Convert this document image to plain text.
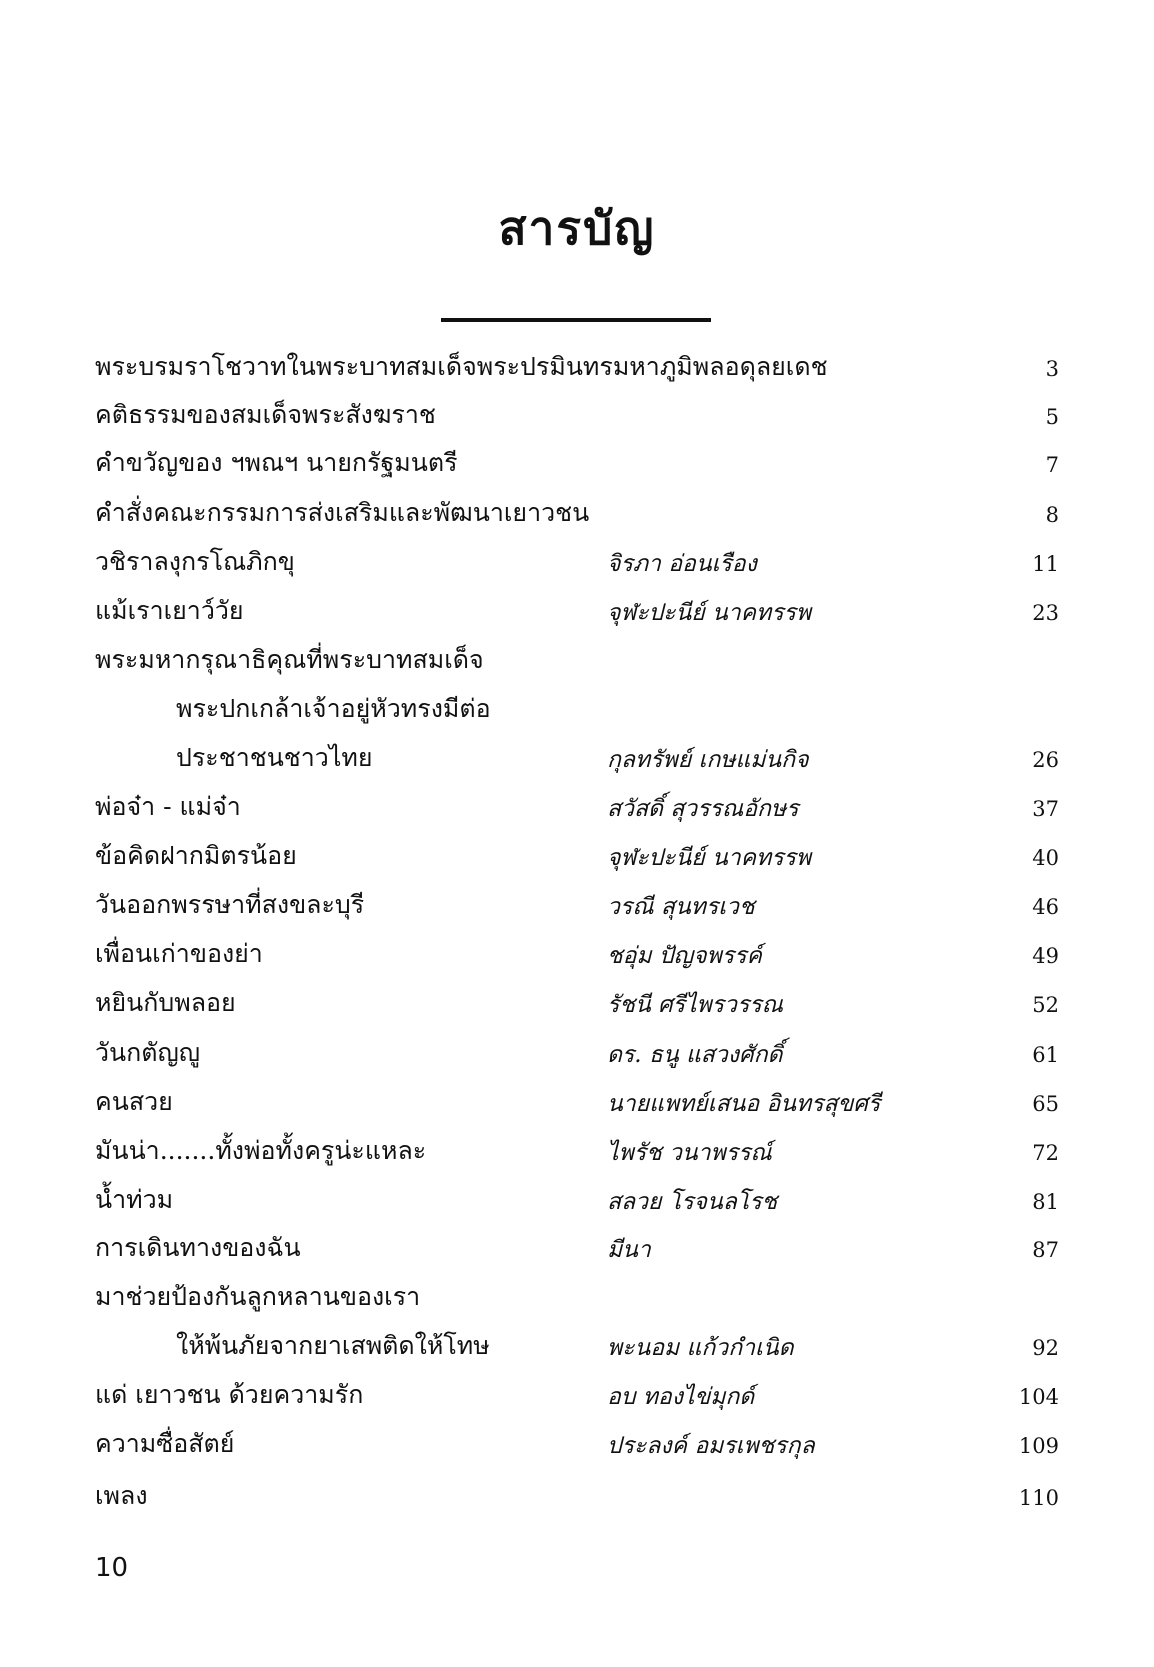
สารบัญ
พระบรมราโชวาทในพระบาทสมเด็จพระปรมินทรมหาภูมิพลอดุลยเดช	3
คติธรรมของสมเด็จพระสังฆราช	5
คำขวัญของ ฯพณฯ นายกรัฐมนตรี	7
คำสั่งคณะกรรมการส่งเสริมและพัฒนาเยาวชน	8
วชิราลงุกรโณภิกขุ	จิรภา อ่อนเรือง	11
แม้เราเยาว์วัย	จุฬะปะนีย์ นาคทรรพ	23
พระมหากรุณาธิคุณที่พระบาทสมเด็จ
พระปกเกล้าเจ้าอยู่หัวทรงมีต่อ
ประชาชนชาวไทย	กุลทรัพย์ เกษแม่นกิจ	26
พ่อจ๋า - แม่จ๋า	สวัสดิ์ สุวรรณอักษร	37
ข้อคิดฝากมิตรน้อย	จุฬะปะนีย์ นาคทรรพ	40
วันออกพรรษาที่สงขละบุรี	วรณี สุนทรเวช	46
เพื่อนเก่าของย่า	ชอุ่ม ปัญจพรรค์	49
หยินกับพลอย	รัชนี ศรีไพรวรรณ	52
วันกตัญญู	ดร. ธนู แสวงศักดิ์	61
คนสวย	นายแพทย์เสนอ อินทรสุขศรี	65
มันน่า.......ทั้งพ่อทั้งครูน่ะแหละ	ไพรัช วนาพรรณ์	72
น้ำท่วม	สลวย โรจนลโรช	81
การเดินทางของฉัน	มีนา	87
มาช่วยป้องกันลูกหลานของเรา
ให้พ้นภัยจากยาเสพติดให้โทษ	พะนอม แก้วกำเนิด	92
แด่ เยาวชน ด้วยความรัก	อบ ทองไข่มุกด์	104
ความซื่อสัตย์	ประลงค์ อมรเพชรกุล	109
เพลง	110
10
